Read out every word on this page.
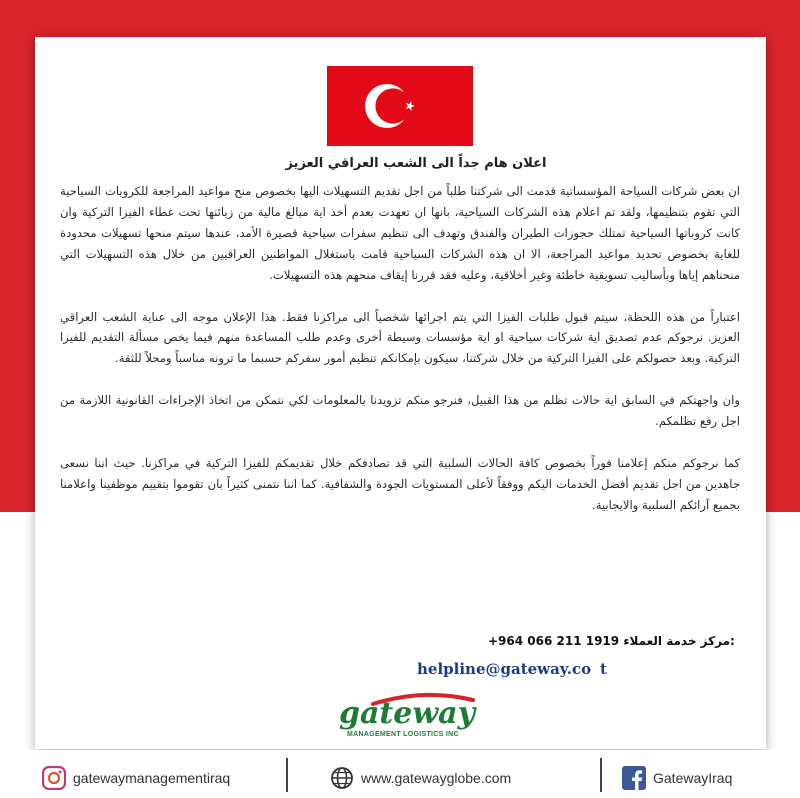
اعلان هام جداً الى الشعب العراقي العزيز

ان بعض شركات السياحة المؤسساتية قدمت الى شركتنا طلباً من اجل تقديم التسهيلات اليها بخصوص منح مواعيد المراجعة للكروبات السياحية التي تقوم بتنظيمها، ولقد تم اعلام هذه الشركات السياحية، بانها ان تعهدت بعدم أخذ اية مبالغ مالية من زبائنها تحت غطاء الفيزا التركية وان كانت كروباتها السياحية تمتلك حجوزات الطيران والفندق وتهدف الى تنظيم سفرات سياحية قصيرة الأمد، عندها سيتم منحها تسهيلات محدودة للغاية بخصوص تحديد مواعيد المراجعة، الا ان هذه الشركات السياحية قامت باستغلال المواطنين العراقيين من خلال هذه التسهيلات التي منحناهم إياها وبأساليب تسويقية خاطئة وغير أخلاقية، وعليه فقد قررنا إيقاف منحهم هذه التسهيلات.

اعتباراً من هذه اللحظة، سيتم قبول طلبات الفيزا التي يتم اجرائها شخصياً الى مراكزنا فقط. هذا الإعلان موجه الى عناية الشعب العراقي العزيز. نرجوكم عدم تصديق اية شركات سياحية او اية مؤسسات وسيطة أخرى وعدم طلب المساعدة منهم فيما يخص مسألة التقديم للفيزا التركية. وبعد حصولكم على الفيزا التركية من خلال شركتنا، سيكون بإمكانكم تنظيم أمور سفركم حسبما ما ترونه مناسباً ومحلاً للثقة.

وان واجهتكم في السابق اية حالات تظلم من هذا القبيل، فنرجو منكم تزويدنا بالمعلومات لكي نتمكن من اتخاذ الإجراءات القانونية اللازمة من اجل رفع تظلمكم.

كما نرجوكم منكم إعلامنا فوراً بخصوص كافة الحالات السلبية التي قد تصادفكم خلال تقديمكم للفيزا التركية في مراكزنا. حيث اننا نسعى جاهدين من اجل تقديم أفضل الخدمات اليكم ووفقاً لأعلى المستويات الجودة والشفافية. كما اننا نتمنى كثيراً بان تقوموا بتقييم موظفينا واعلامنا بجميع آرائكم السلبية والايجابية.

+964 066 211 1919 مركز خدمة العملاء:
helpline@gateway.co t
gateway
MANAGEMENT LOGISTICS INC
gatewaymanagementiraq	www.gatewayglobe.com	GatewayIraq
